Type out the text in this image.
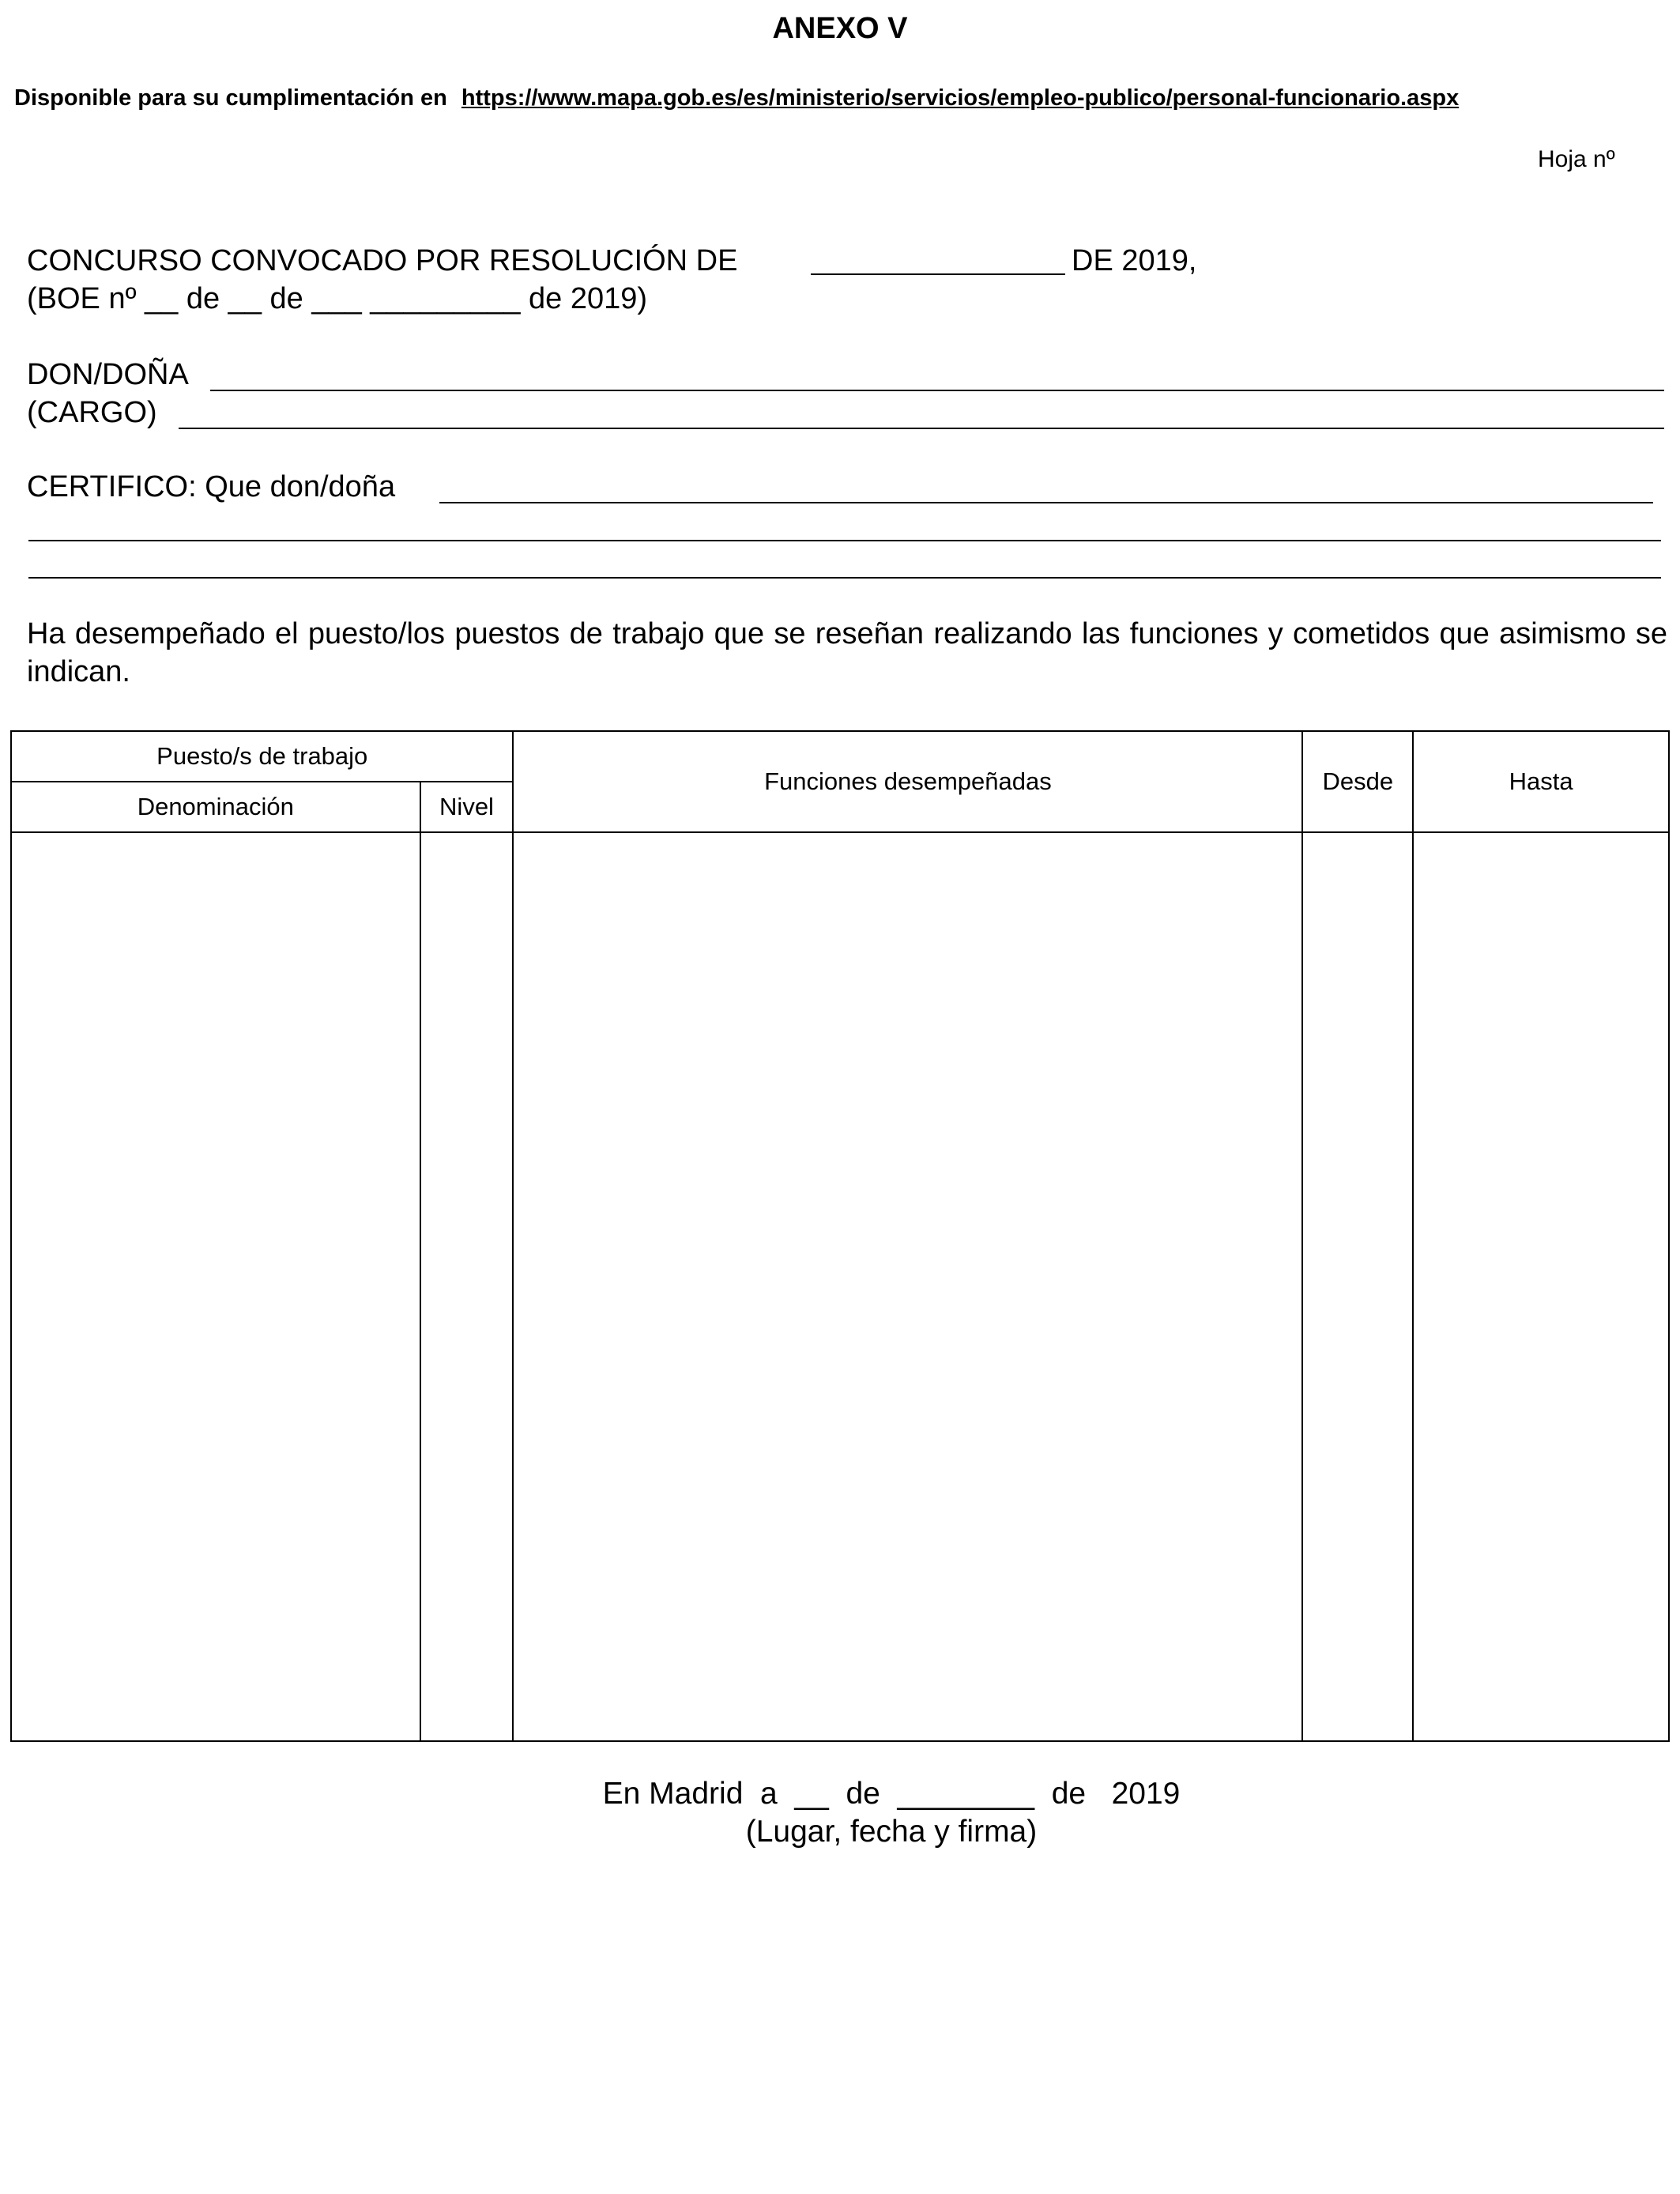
ANEXO V
Disponible para su cumplimentación en https://www.mapa.gob.es/es/ministerio/servicios/empleo-publico/personal-funcionario.aspx
Hoja nº
CONCURSO CONVOCADO POR RESOLUCIÓN DE	DE 2019,
(BOE nº __ de __ de ___ _________ de 2019)
DON/DOÑA
(CARGO)
CERTIFICO: Que don/doña
Ha desempeñado el puesto/los puestos de trabajo que se reseñan realizando las funciones y cometidos que asimismo se indican.
Puesto/s de trabajo		Funciones desempeñadas	Desde	Hasta
Denominación	Nivel			

En Madrid  a  __  de  ________  de   2019
(Lugar, fecha y firma)
